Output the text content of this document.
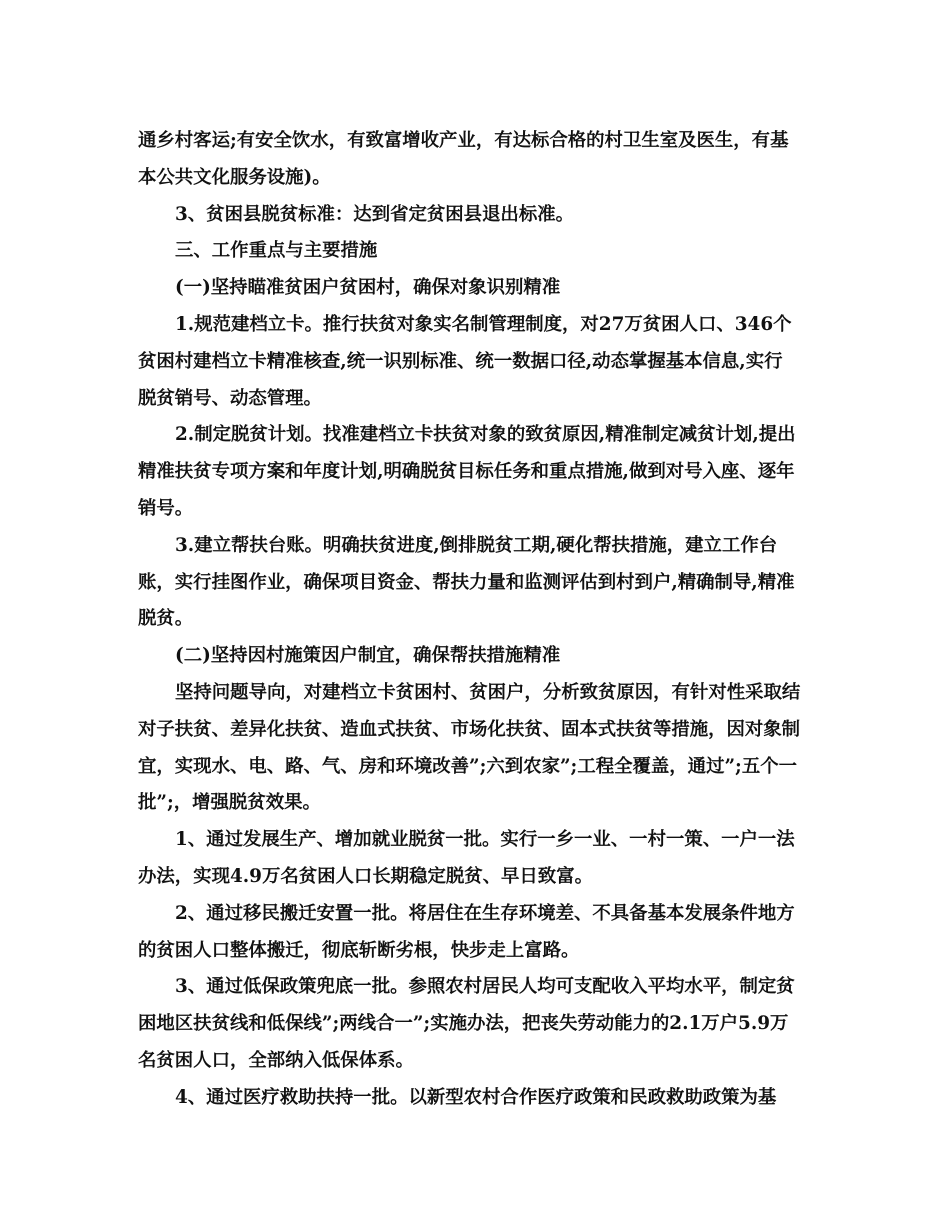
通乡村客运;有安全饮水，有致富增收产业，有达标合格的村卫生室及医生，有基
本公共文化服务设施)。
3、贫困县脱贫标准：达到省定贫困县退出标准。
三、工作重点与主要措施
(一)坚持瞄准贫困户贫困村，确保对象识别精准
1.规范建档立卡。推行扶贫对象实名制管理制度，对27万贫困人口、346个
贫困村建档立卡精准核查,统一识别标准、统一数据口径,动态掌握基本信息,实行
脱贫销号、动态管理。
2.制定脱贫计划。找准建档立卡扶贫对象的致贫原因,精准制定减贫计划,提出
精准扶贫专项方案和年度计划,明确脱贫目标任务和重点措施,做到对号入座、逐年
销号。
3.建立帮扶台账。明确扶贫进度,倒排脱贫工期,硬化帮扶措施，建立工作台
账，实行挂图作业，确保项目资金、帮扶力量和监测评估到村到户,精确制导,精准
脱贫。
(二)坚持因村施策因户制宜，确保帮扶措施精准
坚持问题导向，对建档立卡贫困村、贫困户，分析致贫原因，有针对性采取结
对子扶贫、差异化扶贫、造血式扶贫、市场化扶贫、固本式扶贫等措施，因对象制
宜，实现水、电、路、气、房和环境改善”;六到农家”;工程全覆盖，通过”;五个一
批”;，增强脱贫效果。
1、通过发展生产、增加就业脱贫一批。实行一乡一业、一村一策、一户一法
办法，实现4.9万名贫困人口长期稳定脱贫、早日致富。
2、通过移民搬迁安置一批。将居住在生存环境差、不具备基本发展条件地方
的贫困人口整体搬迁，彻底斩断劣根，快步走上富路。
3、通过低保政策兜底一批。参照农村居民人均可支配收入平均水平，制定贫
困地区扶贫线和低保线”;两线合一”;实施办法，把丧失劳动能力的2.1万户5.9万
名贫困人口，全部纳入低保体系。
4、通过医疗救助扶持一批。以新型农村合作医疗政策和民政救助政策为基
